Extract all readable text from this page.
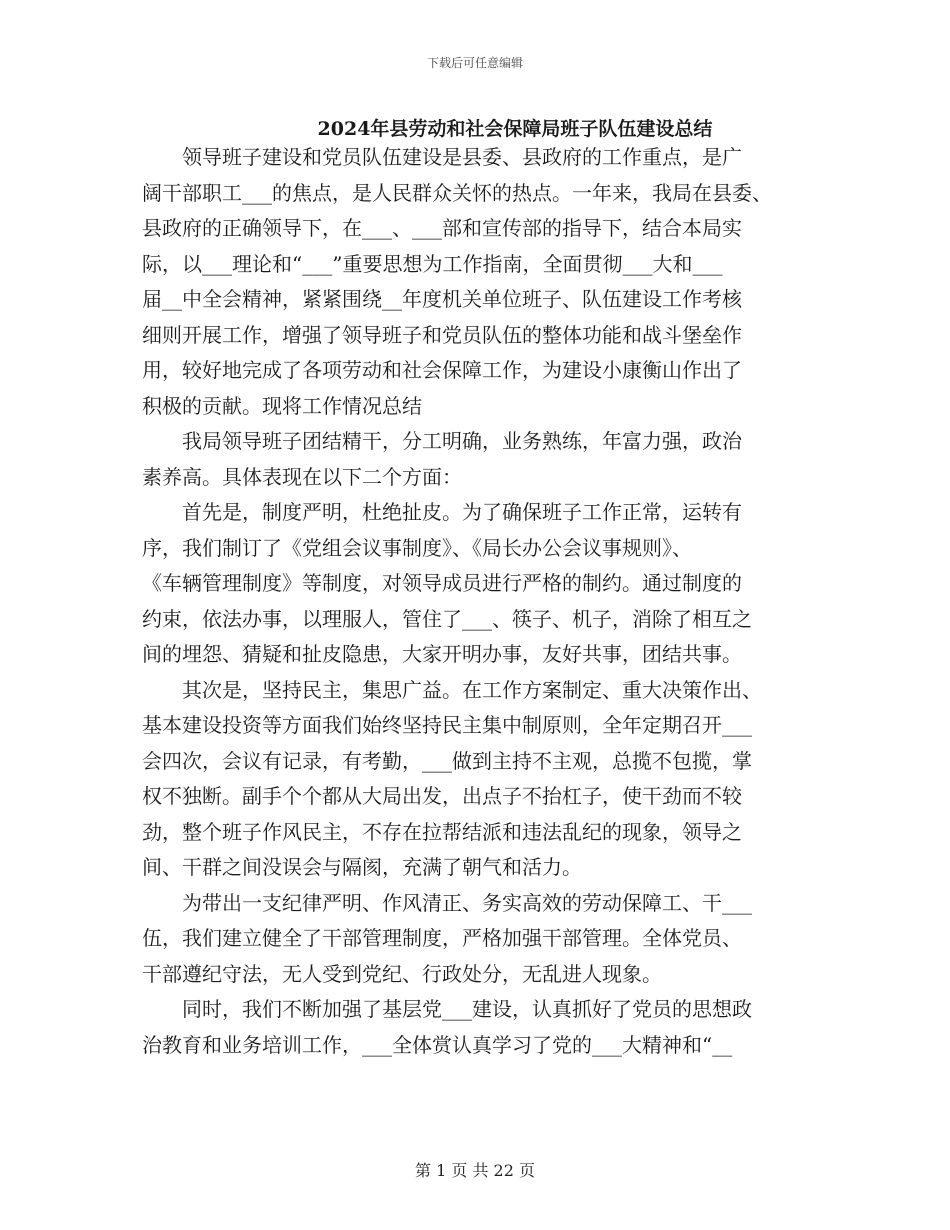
下载后可任意编辑
2024年县劳动和社会保障局班子队伍建设总结
领导班子建设和党员队伍建设是县委、县政府的工作重点，是广
阔干部职工___的焦点，是人民群众关怀的热点。一年来，我局在县委、
县政府的正确领导下，在___、___部和宣传部的指导下，结合本局实
际，以___理论和“___”重要思想为工作指南，全面贯彻___大和___
届__中全会精神，紧紧围绕__年度机关单位班子、队伍建设工作考核
细则开展工作，增强了领导班子和党员队伍的整体功能和战斗堡垒作
用，较好地完成了各项劳动和社会保障工作，为建设小康衡山作出了
积极的贡献。现将工作情况总结
我局领导班子团结精干，分工明确，业务熟练，年富力强，政治
素养高。具体表现在以下二个方面：
首先是，制度严明，杜绝扯皮。为了确保班子工作正常，运转有
序，我们制订了《党组会议事制度》、《局长办公会议事规则》、
《车辆管理制度》等制度，对领导成员进行严格的制约。通过制度的
约束，依法办事，以理服人，管住了___、筷子、机子，消除了相互之
间的埋怨、猜疑和扯皮隐患，大家开明办事，友好共事，团结共事。
其次是，坚持民主，集思广益。在工作方案制定、重大决策作出、
基本建设投资等方面我们始终坚持民主集中制原则，全年定期召开___
会四次，会议有记录，有考勤，___做到主持不主观，总揽不包揽，掌
权不独断。副手个个都从大局出发，出点子不抬杠子，使干劲而不较
劲，整个班子作风民主，不存在拉帮结派和违法乱纪的现象，领导之
间、干群之间没误会与隔阂，充满了朝气和活力。
为带出一支纪律严明、作风清正、务实高效的劳动保障工、干___
伍，我们建立健全了干部管理制度，严格加强干部管理。全体党员、
干部遵纪守法，无人受到党纪、行政处分，无乱进人现象。
同时，我们不断加强了基层党___建设，认真抓好了党员的思想政
治教育和业务培训工作，___全体赏认真学习了党的___大精神和“__
第 1 页 共 22 页
